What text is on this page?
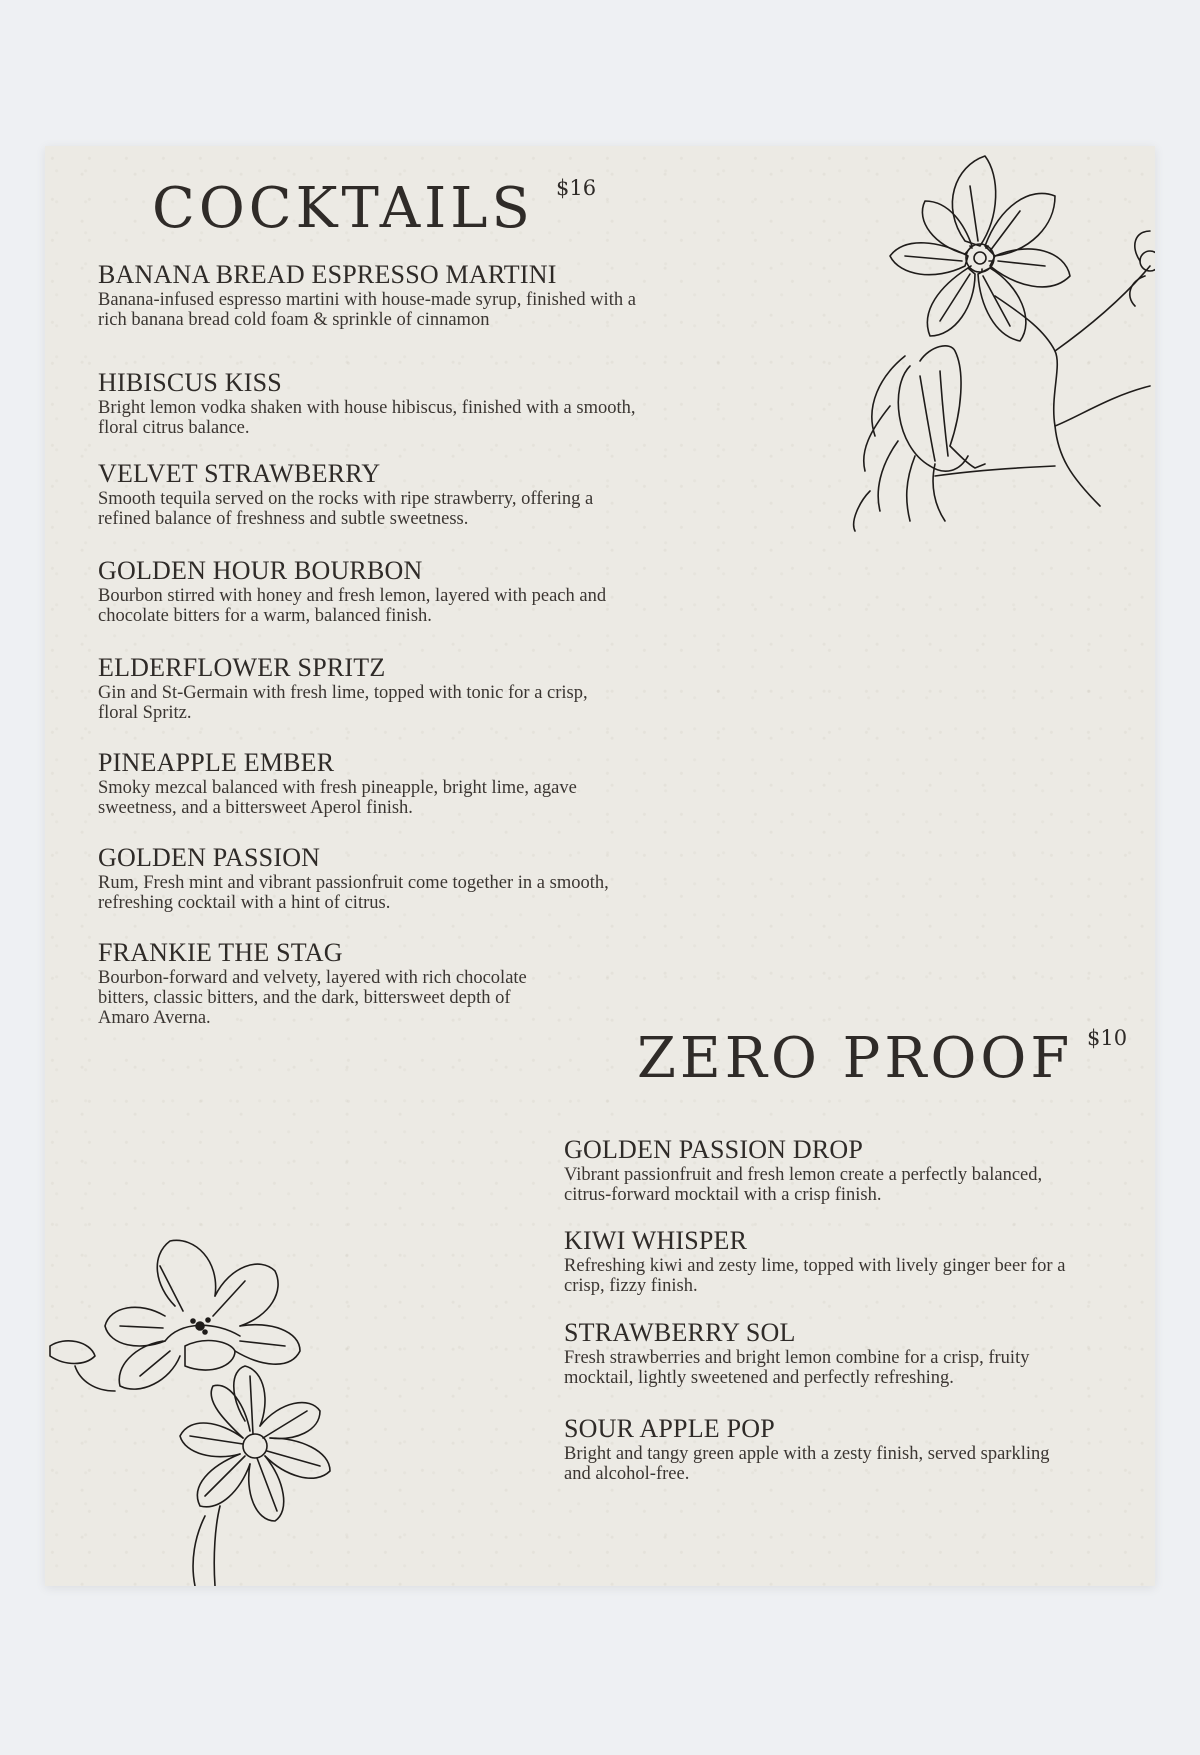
COCKTAILS $16
BANANA BREAD ESPRESSO MARTINI
Banana-infused espresso martini with house-made syrup, finished with a rich banana bread cold foam & sprinkle of cinnamon
HIBISCUS KISS
Bright lemon vodka shaken with house hibiscus, finished with a smooth, floral citrus balance.
VELVET STRAWBERRY
Smooth tequila served on the rocks with ripe strawberry, offering a refined balance of freshness and subtle sweetness.
GOLDEN HOUR BOURBON
Bourbon stirred with honey and fresh lemon, layered with peach and chocolate bitters for a warm, balanced finish.
ELDERFLOWER SPRITZ
Gin and St-Germain with fresh lime, topped with tonic for a crisp, floral Spritz.
PINEAPPLE EMBER
Smoky mezcal balanced with fresh pineapple, bright lime, agave sweetness, and a bittersweet Aperol finish.
GOLDEN PASSION
Rum, Fresh mint and vibrant passionfruit come together in a smooth, refreshing cocktail with a hint of citrus.
FRANKIE THE STAG
Bourbon-forward and velvety, layered with rich chocolate bitters, classic bitters, and the dark, bittersweet depth of Amaro Averna.
ZERO PROOF $10
GOLDEN PASSION DROP
Vibrant passionfruit and fresh lemon create a perfectly balanced, citrus-forward mocktail with a crisp finish.
KIWI WHISPER
Refreshing kiwi and zesty lime, topped with lively ginger beer for a crisp, fizzy finish.
STRAWBERRY SOL
Fresh strawberries and bright lemon combine for a crisp, fruity mocktail, lightly sweetened and perfectly refreshing.
SOUR APPLE POP
Bright and tangy green apple with a zesty finish, served sparkling and alcohol-free.
